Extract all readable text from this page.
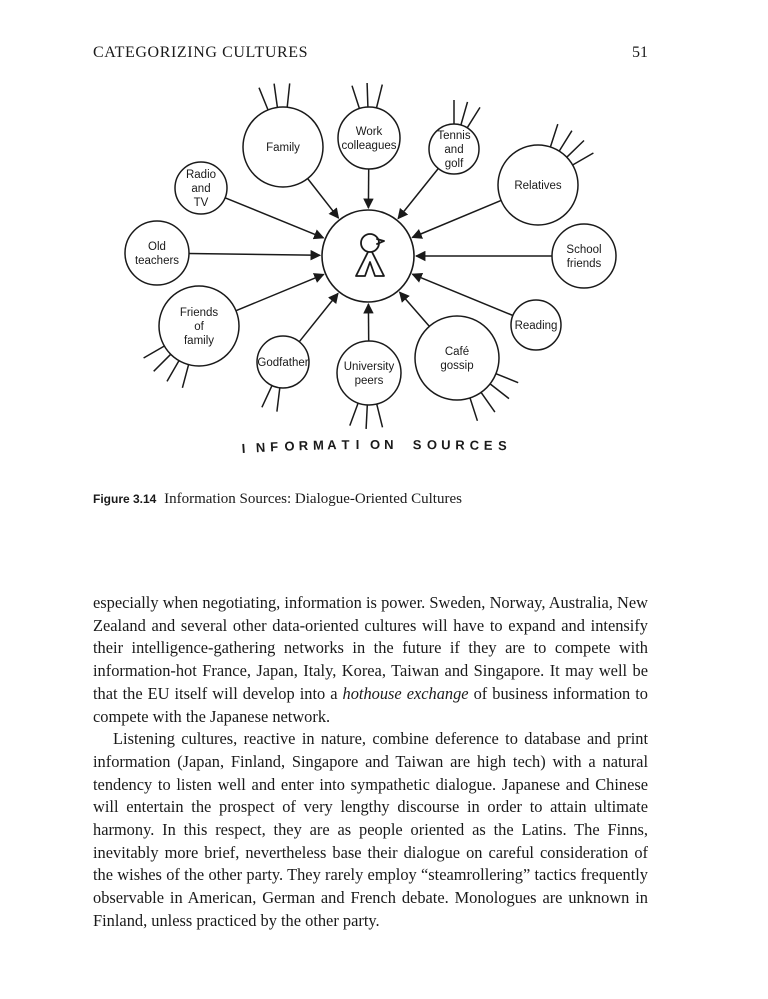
CATEGORIZING CULTURES	51
Family
Work colleagues
Tennis and golf
Relatives
Radio and TV
Old teachers
School friends
Friends of family
Reading
Godfather	University peers
Café gossip
I N F O R M A T I O N S O U R C E S
Figure 3.14 Information Sources: Dialogue-Oriented Cultures

especially when negotiating, information is power. Sweden, Norway, Australia, New Zealand and several other data-oriented cultures will have to expand and intensify their intelligence-gathering networks in the future if they are to compete with information-hot France, Japan, Italy, Korea, Taiwan and Singapore. It may well be that the EU itself will develop into a hothouse exchange of business information to compete with the Japanese network.

Listening cultures, reactive in nature, combine deference to database and print information (Japan, Finland, Singapore and Taiwan are high tech) with a natural tendency to listen well and enter into sympathetic dialogue. Japanese and Chinese will entertain the prospect of very lengthy discourse in order to attain ultimate harmony. In this respect, they are as people oriented as the Latins. The Finns, inevitably more brief, nevertheless base their dialogue on careful consideration of the wishes of the other party. They rarely employ “steamrollering” tactics frequently observable in American, German and French debate. Monologues are unknown in Finland, unless practiced by the other party.
